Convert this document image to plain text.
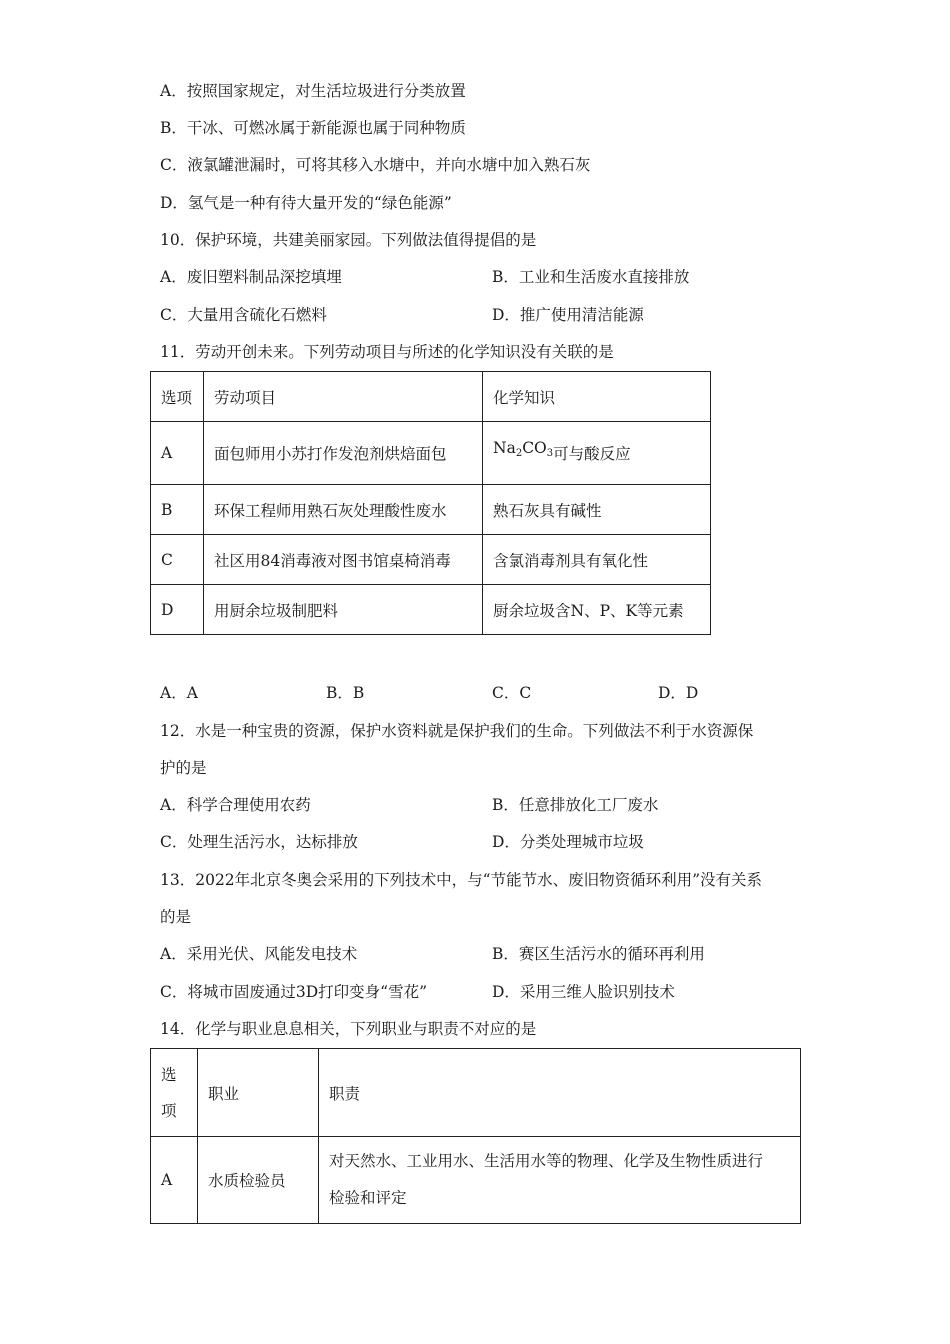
A．按照国家规定，对生活垃圾进行分类放置
B．干冰、可燃冰属于新能源也属于同种物质
C．液氯罐泄漏时，可将其移入水塘中，并向水塘中加入熟石灰
D．氢气是一种有待大量开发的“绿色能源”
10．保护环境，共建美丽家园。下列做法值得提倡的是
A．废旧塑料制品深挖填埋	B．工业和生活废水直接排放
C．大量用含硫化石燃料	D．推广使用清洁能源
11．劳动开创未来。下列劳动项目与所述的化学知识没有关联的是
选项	劳动项目	化学知识
A	面包师用小苏打作发泡剂烘焙面包	$Na_2CO_3$可与酸反应
B	环保工程师用熟石灰处理酸性废水	熟石灰具有碱性
C	社区用84消毒液对图书馆桌椅消毒	含氯消毒剂具有氧化性
D	用厨余垃圾制肥料	厨余垃圾含N、P、K等元素
A．A	B．B	C．C	D．D
12．水是一种宝贵的资源，保护水资料就是保护我们的生命。下列做法不利于水资源保
护的是
A．科学合理使用农药	B．任意排放化工厂废水
C．处理生活污水，达标排放	D．分类处理城市垃圾
13．2022年北京冬奥会采用的下列技术中，与“节能节水、废旧物资循环利用”没有关系
的是
A．采用光伏、风能发电技术	B．赛区生活污水的循环再利用
C．将城市固废通过3D打印变身“雪花”	D．采用三维人脸识别技术
14．化学与职业息息相关，下列职业与职责不对应的是
选
项	职业	职责
A	水质检验员	对天然水、工业用水、生活用水等的物理、化学及生物性质进行
检验和评定
